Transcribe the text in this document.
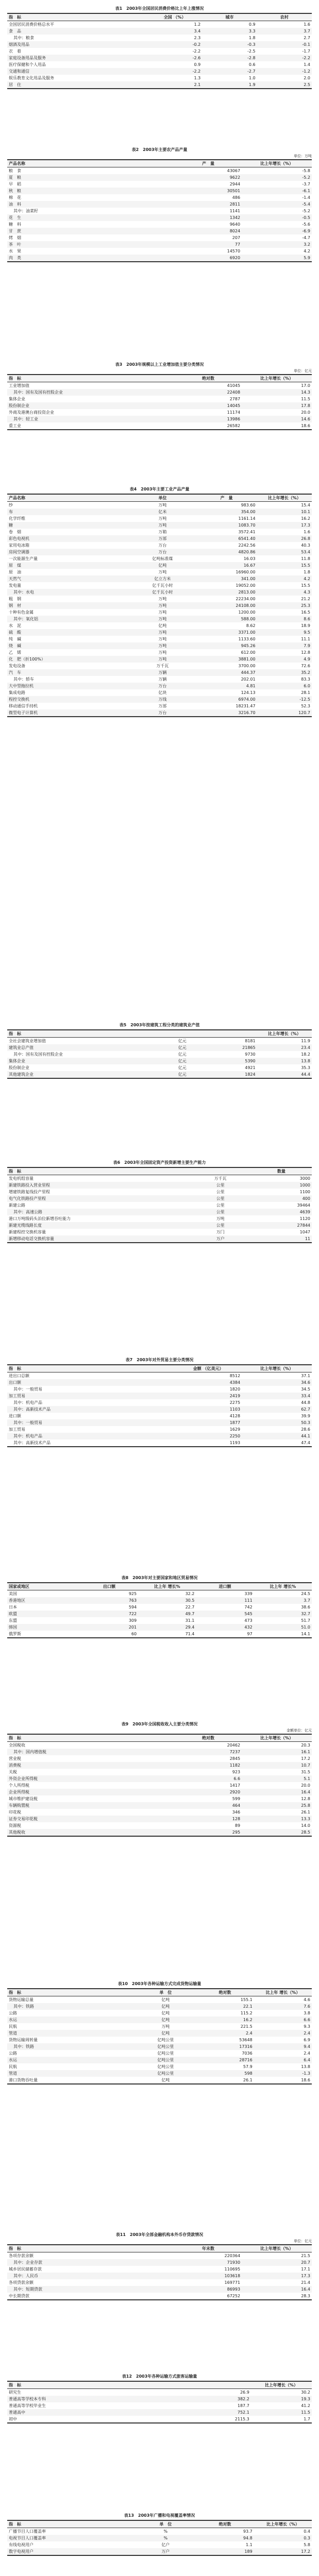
表1　2003年全国居民消费价格比上年上涨情况
指　标	全国 （%）	城市	农村
全国居民消费价格总水平	1.2	0.9	1.6
食　品	3.4	3.3	3.7
其中：粮食	2.3	1.8	2.7
烟酒及用品	-0.2	-0.3	-0.1
衣　着	-2.2	-2.5	-1.7
家庭设备用品及服务	-2.6	-2.8	-2.2
医疗保健和个人用品	0.9	0.6	1.4
交通和通信	-2.2	-2.7	-1.2
娱乐教育文化用品及服务	1.3	1.0	2.0
居　住	2.1	1.9	2.5
表2　2003年主要农产品产量
单位：万吨
产品名称	产　量	比上年增长（%）
粮　食	43067	-5.8
夏　粮	9622	-5.2
早　稻	2944	-3.7
秋　粮	30501	-6.1
棉　花	486	-1.4
油　料	2811	-5.4
其中：油菜籽	1141	-5.2
花　生	1342	-0.5
糖　料	9640	-5.6
甘　蔗	8024	-6.9
烤　烟	207	-4.7
茶　叶	77	3.2
水　果	14570	4.2
肉　类	6920	5.9
表3　2003年规模以上工业增加值主要分类情况
单位：亿元
指　标	绝对数	比上年增长（%）
工业增加值	41045	17.0
其中：国有及国有控股企业	22408	14.3
集体企业	2787	11.5
股份制企业	14045	17.8
外商及港澳台商投资企业	11174	20.0
其中：轻工业	13986	14.6
重工业	26582	18.6
表4　2003年主要工业产品产量
产品名称	单位	产　量	比上年增长（%）
纱	万吨	983.60	15.4
布	亿米	354.00	10.1
化学纤维	万吨	1161.14	16.2
糖	万吨	1083.70	17.3
卷　烟	万箱	3572.41	1.6
彩色电视机	万部	6541.40	26.8
家用电冰箱	万台	2242.56	40.3
房间空调器	万台	4820.86	53.4
一次能源生产量	亿吨标准煤	16.03	11.8
原　煤	亿吨	16.67	15.5
原　油	万吨	16960.00	1.8
天然气	亿立方米	341.00	4.2
发电量	亿千瓦小时	19052.00	15.5
其中：水电	亿千瓦小时	2813.00	4.3
粗　钢	万吨	22234.00	21.2
钢　材	万吨	24108.00	25.3
十种有色金属	万吨	1200.00	16.5
其中：氧化铝	万吨	588.00	8.6
水　泥	亿吨	8.62	18.9
硫　酸	万吨	3371.00	9.5
纯　碱	万吨	1133.60	11.1
烧　碱	万吨	945.26	7.9
乙　烯	万吨	612.00	12.8
化　肥（折100%）	万吨	3881.00	4.9
发电设备	万千瓦	3700.00	72.6
汽　车	万辆	444.37	35.2
其中：轿车	万辆	202.01	83.3
大中型拖拉机	万台	4.81	6.0
集成电路	亿块	124.13	28.1
程控交换机	万线	6974.00	-12.5
移动通信手持机	万部	18231.47	52.3
微型电子计算机	万台	3216.70	120.7
表5　2003年按建筑工程分类的建筑业产值
指　标			比上年增长（%）
全社会建筑业增加值	亿元	8181	11.9
建筑业总产值	亿元	21865	23.4
其中：国有及国有控股企业	亿元	9730	18.2
集体企业	亿元	5390	13.8
股份制企业	亿元	4921	35.3
其他建筑企业	亿元	1824	44.4
表6　2003年全国固定资产投资新增主要生产能力
指　标			数量
发电机组容量		万千瓦	3000
新建铁路投入营业里程		公里	1000
增建铁路复线投产里程		公里	1100
电气化铁路投产里程		公里	400
新建公路		公里	39464
其中：高速公路		公里	4639
港口万吨级码头泊位新增吞吐能力		万吨	1120
新建光缆线路长度		公里	27844
新建程控交换机容量		万门	1047
新增移动电话交换机容量		万户	11
表7　2003年对外贸易主要分类情况
指　标		金额 （亿美元）	比上年增长（%）
进出口总额		8512	37.1
出口额		4384	34.6
其中：一般贸易		1820	34.5
加工贸易		2419	33.4
其中：机电产品		2275	44.8
其中：高新技术产品		1103	62.7
进口额		4128	39.9
其中：一般贸易		1877	50.3
加工贸易		1629	28.6
其中：机电产品		2250	44.1
其中：高新技术产品		1193	47.4
表8　2003年对主要国家和地区贸易情况
国家或地区	出口额	比上年 增长%	进口额	比上年 增长%
美国	925	32.2	339	24.5
香港地区	763	30.5	111	3.7
日本	594	22.7	742	38.6
欧盟	722	49.7	545	32.7
东盟	309	31.1	473	51.7
韩国	201	29.4	432	51.0
俄罗斯	60	71.4	97	14.1
表9　2003年全国税收收入主要分类情况
金额单位：亿元
指　标		绝对数	比上年增长（%）
全国税收		20462	20.3
其中：国内增值税		7237	16.1
营业税		2845	17.2
消费税		1182	10.7
关税		923	31.5
外资企业所得税		6.6	5.1
个人所得税		1417	20.0
企业所得税		2920	16.4
城市维护建设税		599	12.8
车辆购置税		464	25.8
印花税		346	26.1
证券交易印花税		128	13.3
资源税		89	14.0
其他税收		295	28.5
表10　2003年各种运输方式完成货物运输量
指　标	单　位	绝对数	比上年 增长（%）
货物运输总量	亿吨	155.1	4.6
其中：铁路	亿吨	22.1	7.6
公路	亿吨	115.2	3.8
水运	亿吨	16.2	6.6
民航	万吨	221.5	9.3
管道	亿吨	2.4	2.4
货物运输周转量	亿吨公里	53648	6.9
其中：铁路	亿吨公里	17316	9.4
公路	亿吨公里	7036	2.4
水运	亿吨公里	28716	6.4
民航	亿吨公里	57.9	13.8
管道	亿吨公里	598	-1.3
港口货物吞吐量	亿吨	26.1	18.6
表11　2003年全部金融机构本外币存贷款情况
单位：亿元
指　标		年末数	比上年增长（%）
各项存款余额		220364	21.5
其中：企业存款		71930	20.7
城乡居民储蓄存款		110695	17.1
其中：人民币		103618	17.3
各项贷款余额		169771	21.4
其中：短期贷款		86993	16.4
中长期贷款		67252	28.3
表12　2003年各种运输方式旅客运输量
指　标			比上年增长（%）
研究生		26.9	30.2
普通高等学校本专科		382.2	19.3
普通高等学校毕业生		187.7	41.2
普通高中		752.1	11.5
初中		2115.3	1.7
表13　2003年广播和电视覆盖率情况
指　标	单　位	绝对数	比上年增长（%）
广播节目人口覆盖率	%	93.7	0.4
电视节目人口覆盖率	%	94.8	0.3
有线电视用户	亿户	1.1	5.8
数字电视用户	万户	189	17.2
